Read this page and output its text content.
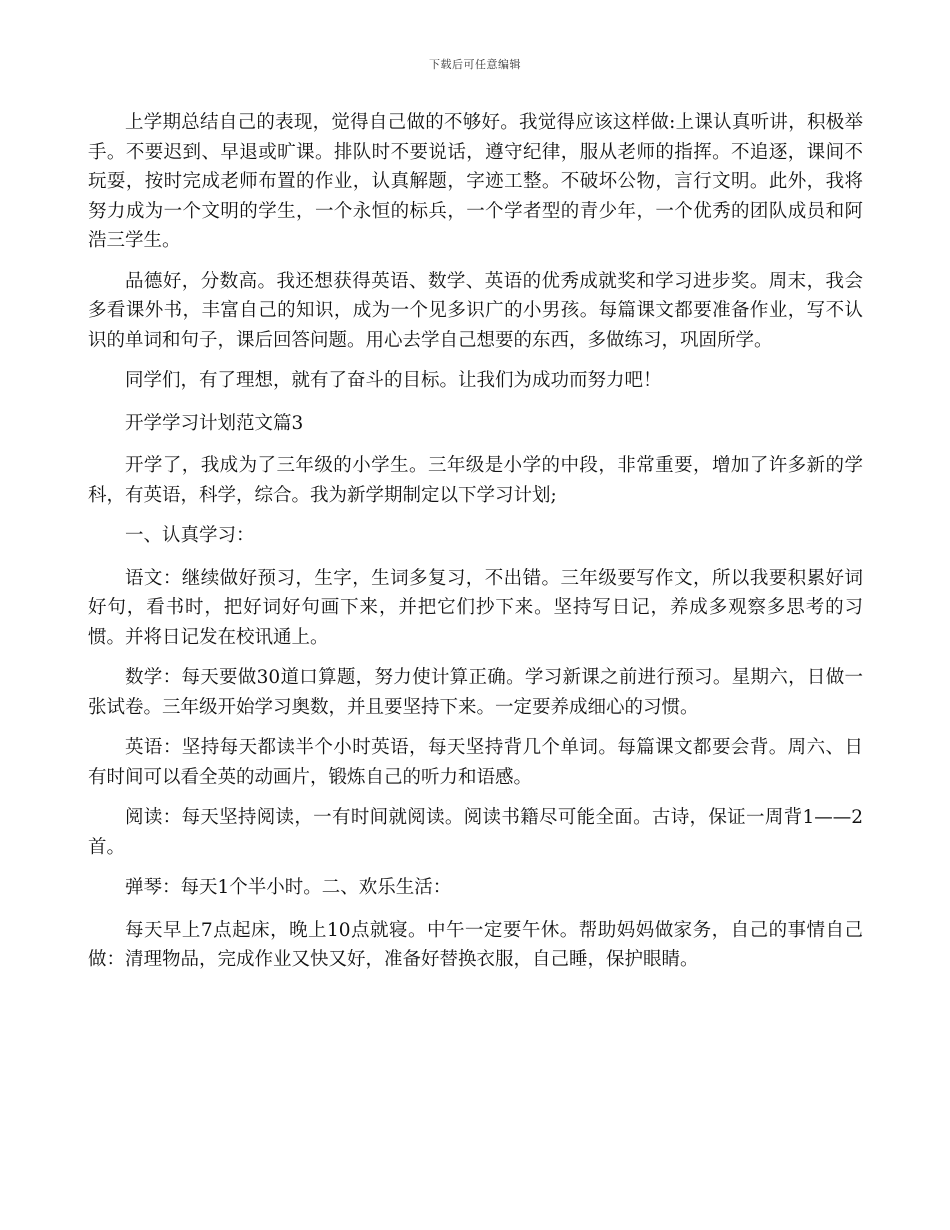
下载后可任意编辑

上学期总结自己的表现，觉得自己做的不够好。我觉得应该这样做:上课认真听讲，积极举手。不要迟到、早退或旷课。排队时不要说话，遵守纪律，服从老师的指挥。不追逐，课间不玩耍，按时完成老师布置的作业，认真解题，字迹工整。不破坏公物，言行文明。此外，我将努力成为一个文明的学生，一个永恒的标兵，一个学者型的青少年，一个优秀的团队成员和阿浩三学生。

品德好，分数高。我还想获得英语、数学、英语的优秀成就奖和学习进步奖。周末，我会多看课外书，丰富自己的知识，成为一个见多识广的小男孩。每篇课文都要准备作业，写不认识的单词和句子，课后回答问题。用心去学自己想要的东西，多做练习，巩固所学。

同学们，有了理想，就有了奋斗的目标。让我们为成功而努力吧！

开学学习计划范文篇3

开学了，我成为了三年级的小学生。三年级是小学的中段，非常重要，增加了许多新的学科，有英语，科学，综合。我为新学期制定以下学习计划;

一、认真学习：

语文：继续做好预习，生字，生词多复习，不出错。三年级要写作文，所以我要积累好词好句，看书时，把好词好句画下来，并把它们抄下来。坚持写日记，养成多观察多思考的习惯。并将日记发在校讯通上。

数学：每天要做30道口算题，努力使计算正确。学习新课之前进行预习。星期六，日做一张试卷。三年级开始学习奥数，并且要坚持下来。一定要养成细心的习惯。

英语：坚持每天都读半个小时英语，每天坚持背几个单词。每篇课文都要会背。周六、日有时间可以看全英的动画片，锻炼自己的听力和语感。

阅读：每天坚持阅读，一有时间就阅读。阅读书籍尽可能全面。古诗，保证一周背1——2首。

弹琴：每天1个半小时。二、欢乐生活：

每天早上7点起床，晚上10点就寝。中午一定要午休。帮助妈妈做家务，自己的事情自己做：清理物品，完成作业又快又好，准备好替换衣服，自己睡，保护眼睛。
